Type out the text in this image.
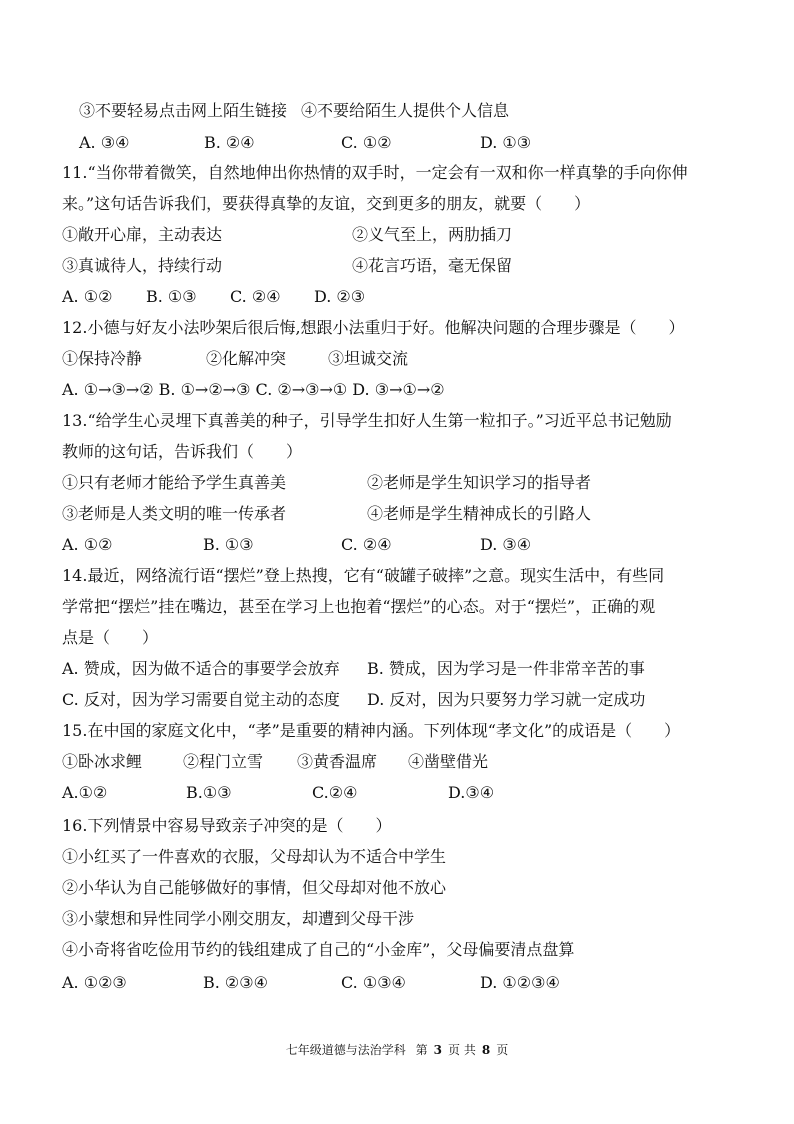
③不要轻易点击网上陌生链接 ④不要给陌生人提供个人信息
A. ③④	B. ②④	C. ①②	D. ①③
11.“当你带着微笑，自然地伸出你热情的双手时，一定会有一双和你一样真挚的手向你伸
来。”这句话告诉我们，要获得真挚的友谊，交到更多的朋友，就要（　　）
①敞开心扉，主动表达	②义气至上，两肋插刀
③真诚待人，持续行动	④花言巧语，毫无保留
A. ①② B. ①③ C. ②④ D. ②③
12.小德与好友小法吵架后很后悔,想跟小法重归于好。他解决问题的合理步骤是（　　）
①保持冷静	②化解冲突	③坦诚交流
A. ①→③→② B. ①→②→③ C. ②→③→① D. ③→①→②
13.“给学生心灵埋下真善美的种子，引导学生扣好人生第一粒扣子。”习近平总书记勉励
教师的这句话，告诉我们（　　）
①只有老师才能给予学生真善美	②老师是学生知识学习的指导者
③老师是人类文明的唯一传承者	④老师是学生精神成长的引路人
A. ①②	B. ①③	C. ②④	D. ③④
14.最近，网络流行语“摆烂”登上热搜，它有“破罐子破摔”之意。现实生活中，有些同
学常把“摆烂”挂在嘴边，甚至在学习上也抱着“摆烂”的心态。对于“摆烂”，正确的观
点是（　　）
A. 赞成，因为做不适合的事要学会放弃 B. 赞成，因为学习是一件非常辛苦的事
C. 反对，因为学习需要自觉主动的态度 D. 反对，因为只要努力学习就一定成功
15.在中国的家庭文化中，“孝”是重要的精神内涵。下列体现“孝文化”的成语是（　　）
①卧冰求鲤	②程门立雪 ③黄香温席 ④凿壁借光
A.①②	B.①③	C.②④	D.③④
16.下列情景中容易导致亲子冲突的是（　　）
①小红买了一件喜欢的衣服，父母却认为不适合中学生
②小华认为自己能够做好的事情，但父母却对他不放心
③小蒙想和异性同学小刚交朋友，却遭到父母干涉
④小奇将省吃俭用节约的钱组建成了自己的“小金库”，父母偏要清点盘算
A. ①②③	B. ②③④	C. ①③④	D. ①②③④
七年级道德与法治学科 第 3 页 共 8 页
